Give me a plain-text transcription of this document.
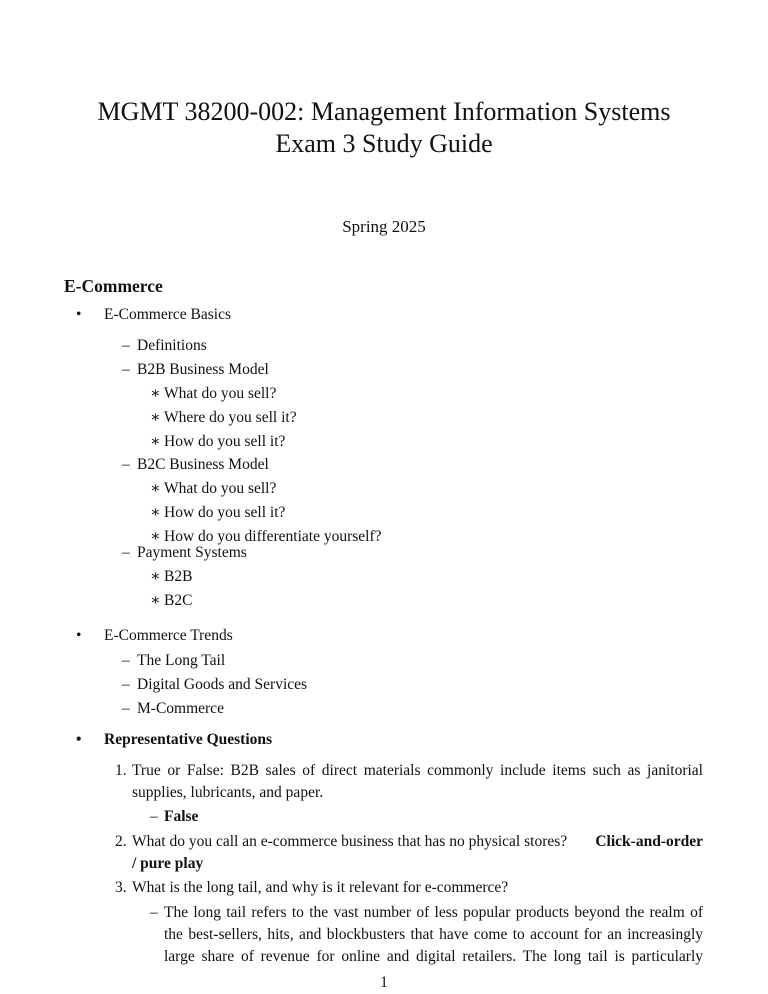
MGMT 38200-002: Management Information Systems
Exam 3 Study Guide
Spring 2025
E-Commerce
• E-Commerce Basics
– Definitions
– B2B Business Model
∗ What do you sell?
∗ Where do you sell it?
∗ How do you sell it?
– B2C Business Model
∗ What do you sell?
∗ How do you sell it?
∗ How do you differentiate yourself?
– Payment Systems
∗ B2B
∗ B2C
• E-Commerce Trends
– The Long Tail
– Digital Goods and Services
– M-Commerce
• Representative Questions
1. True or False: B2B sales of direct materials commonly include items such as janitorial
supplies, lubricants, and paper.
– False
2. What do you call an e-commerce business that has no physical stores? Click-and-order
/ pure play
3. What is the long tail, and why is it relevant for e-commerce?
– The long tail refers to the vast number of less popular products beyond the realm of
the best-sellers, hits, and blockbusters that have come to account for an increasingly
large share of revenue for online and digital retailers. The long tail is particularly
1
